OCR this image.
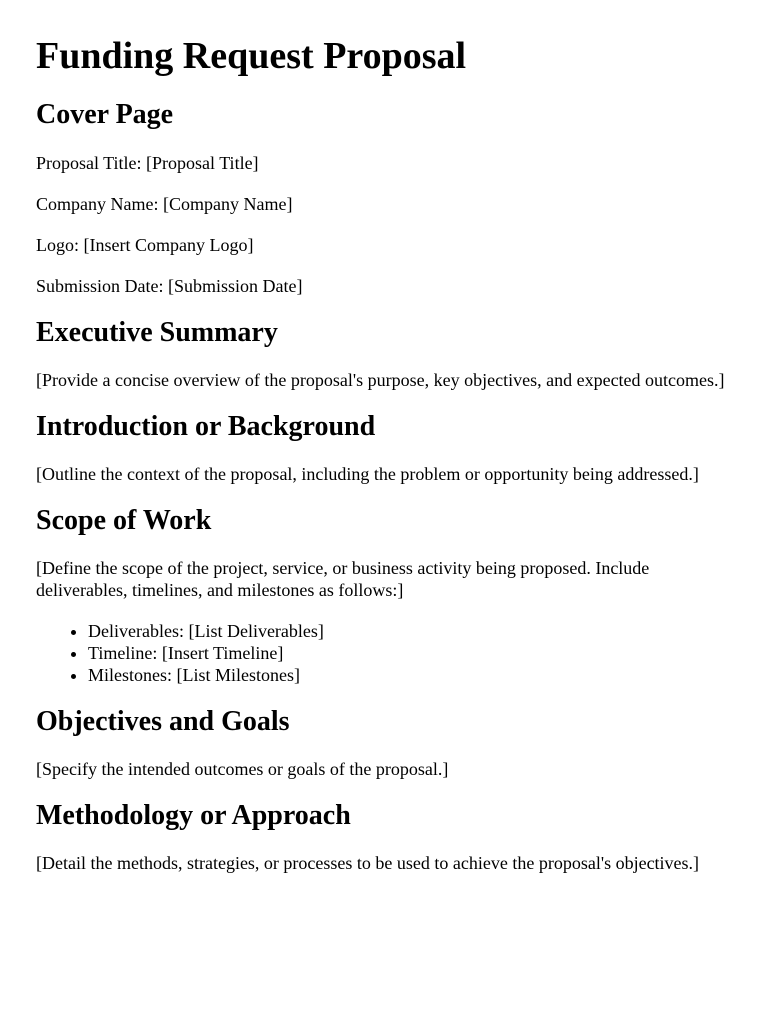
Funding Request Proposal
Cover Page

Proposal Title: [Proposal Title]

Company Name: [Company Name]

Logo: [Insert Company Logo]

Submission Date: [Submission Date]

Executive Summary

[Provide a concise overview of the proposal's purpose, key objectives, and expected outcomes.]

Introduction or Background

[Outline the context of the proposal, including the problem or opportunity being addressed.]

Scope of Work

[Define the scope of the project, service, or business activity being proposed. Include deliverables, timelines, and milestones as follows:]

• Deliverables: [List Deliverables]
• Timeline: [Insert Timeline]
• Milestones: [List Milestones]
Objectives and Goals

[Specify the intended outcomes or goals of the proposal.]

Methodology or Approach

[Detail the methods, strategies, or processes to be used to achieve the proposal's objectives.]
